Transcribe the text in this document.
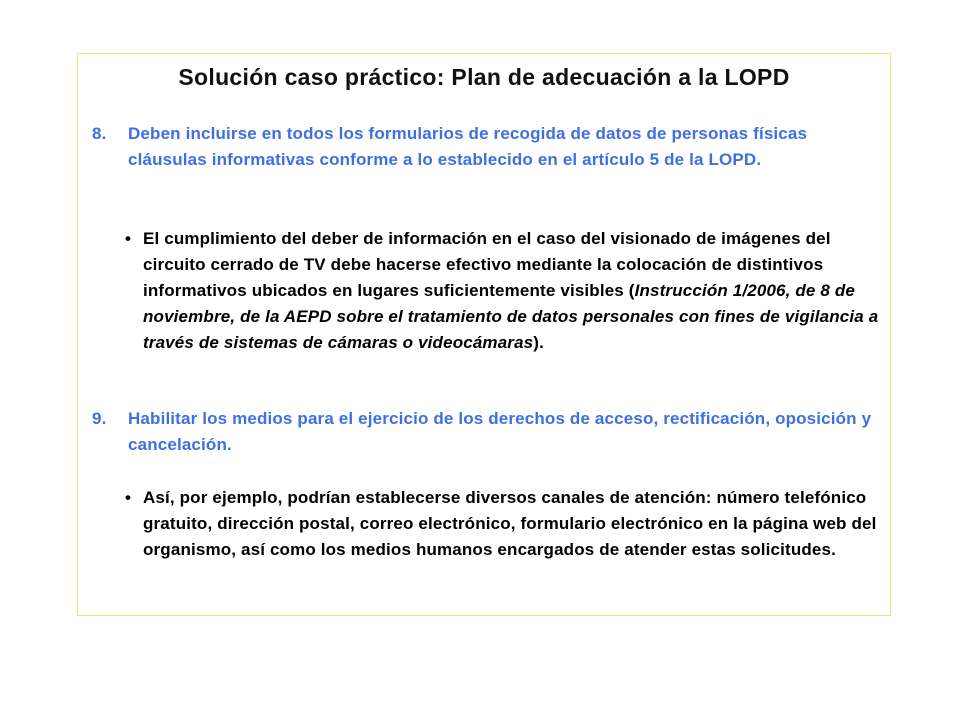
Solución caso práctico: Plan de adecuación a la LOPD
8. Deben incluirse en todos los formularios de recogida de datos de personas físicas cláusulas informativas conforme a lo establecido en el artículo 5 de la LOPD.
• El cumplimiento del deber de información en el caso del visionado de imágenes del circuito cerrado de TV debe hacerse efectivo mediante la colocación de distintivos informativos ubicados en lugares suficientemente visibles (Instrucción 1/2006, de 8 de noviembre, de la AEPD sobre el tratamiento de datos personales con fines de vigilancia a través de sistemas de cámaras o videocámaras).
9. Habilitar los medios para el ejercicio de los derechos de acceso, rectificación, oposición y cancelación.
• Así, por ejemplo, podrían establecerse diversos canales de atención: número telefónico gratuito, dirección postal, correo electrónico, formulario electrónico en la página web del organismo, así como los medios humanos encargados de atender estas solicitudes.
